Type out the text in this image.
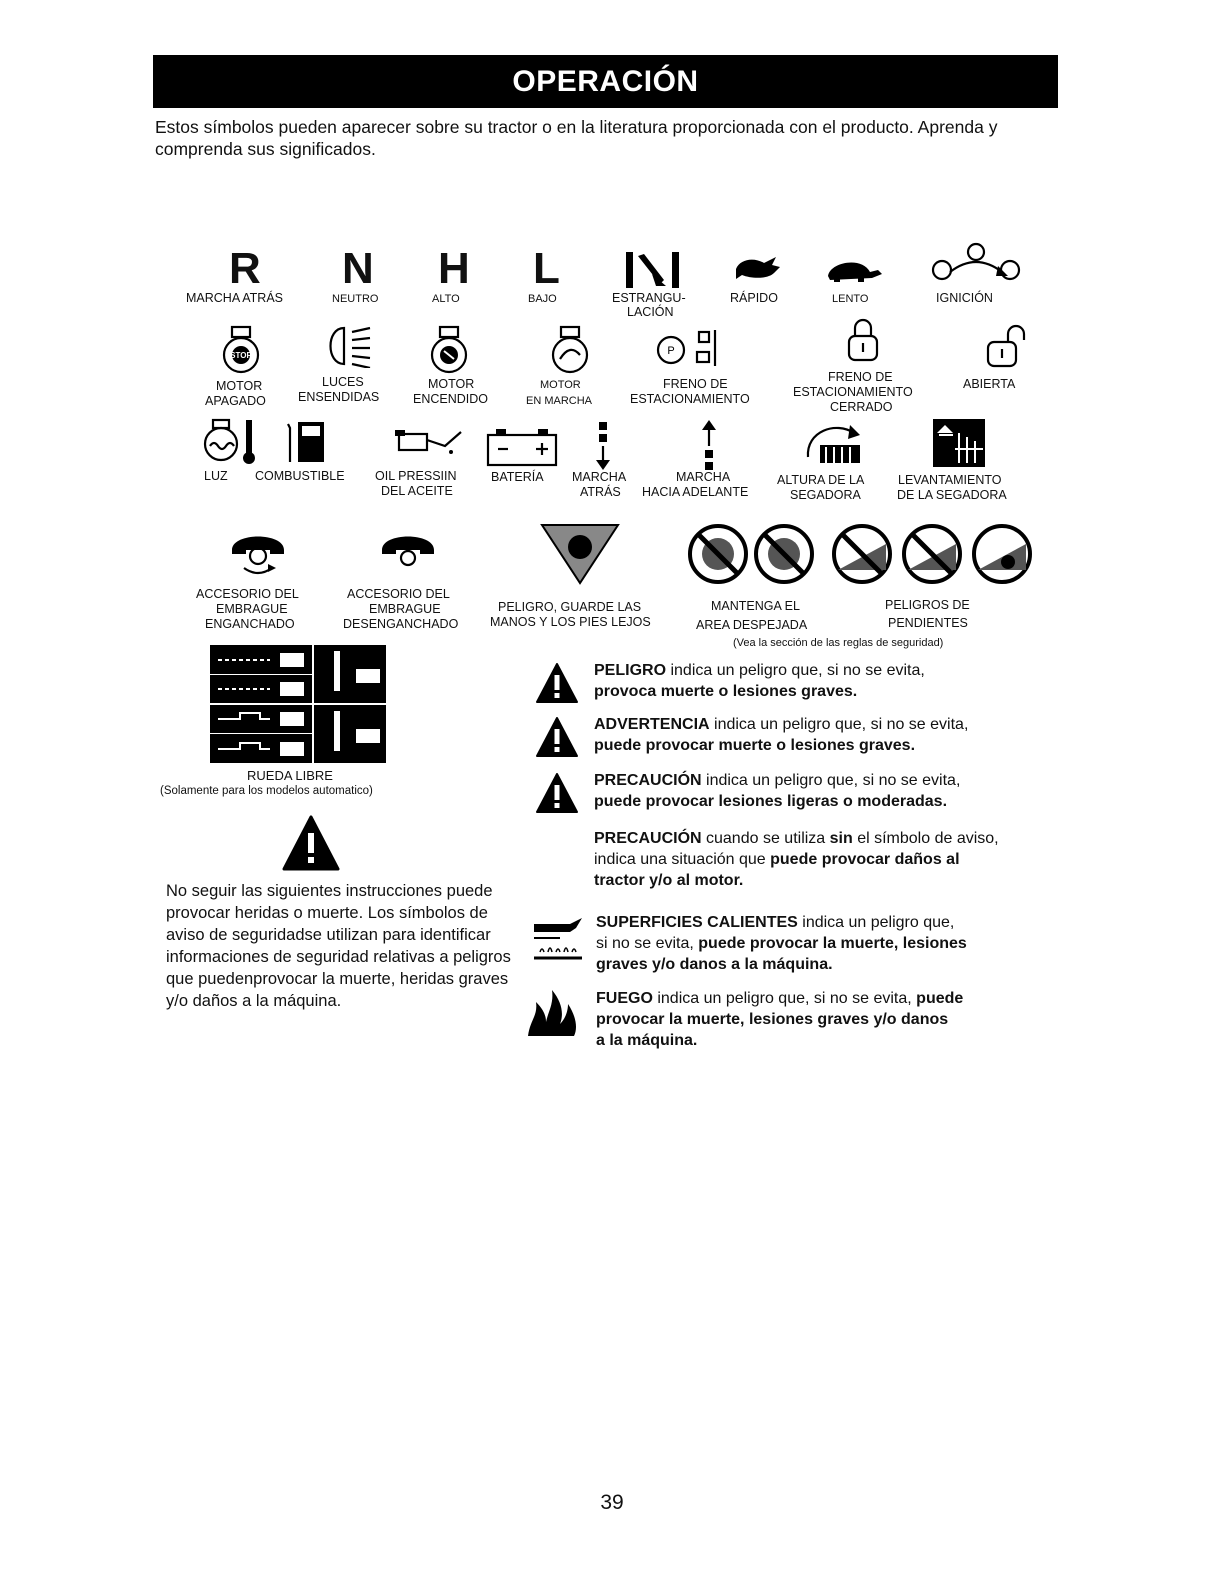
OPERACIÓN
Estos símbolos pueden aparecer sobre su tractor o en la literatura proporcionada con el producto. Aprenda y comprenda sus significados.
R N H L
MARCHA ATRÁS	NEUTRO	ALTO	BAJO	ESTRANGU-
LACIÓN
RÁPIDO	LENTO	IGNICIÓN
STOP	P
MOTOR
APAGADO
LUCES
ENSENDIDAS
MOTOR
ENCENDIDO
MOTOR
EN MARCHA
FRENO DE
ESTACIONAMIENTO
FRENO DE
ESTACIONAMIENTO
CERRADO
ABIERTA
LUZ COMBUSTIBLE OIL PRESSIIN
DEL ACEITE
BATERÍA MARCHA
ATRÁS
MARCHA
HACIA ADELANTE
ALTURA DE LA
SEGADORA
LEVANTAMIENTO
DE LA SEGADORA
ACCESORIO DEL
EMBRAGUE
ENGANCHADO
ACCESORIO DEL
EMBRAGUE
DESENGANCHADO
PELIGRO, GUARDE LAS
MANOS Y LOS PIES LEJOS
MANTENGA EL
AREA DESPEJADA
PELIGROS DE
PENDIENTES
(Vea la sección de las reglas de seguridad)
RUEDA LIBRE
(Solamente para los modelos automatico)
No seguir las siguientes instrucciones puede provocar heridas o muerte. Los símbolos de aviso de seguridadse utilizan para identificar informaciones de seguridad relativas a peligros que puedenprovocar la muerte, heridas graves y/o daños a la máquina.
PELIGRO indica un peligro que, si no se evita,
provoca muerte o lesiones graves.
ADVERTENCIA indica un peligro que, si no se evita,
puede provocar muerte o lesiones graves.
PRECAUCIÓN indica un peligro que, si no se evita,
puede provocar lesiones ligeras o moderadas.
PRECAUCIÓN cuando se utiliza sin el símbolo de aviso,
indica una situación que puede provocar daños al
tractor y/o al motor.
SUPERFICIES CALIENTES indica un peligro que,
si no se evita, puede provocar la muerte, lesiones
graves y/o danos a la máquina.
FUEGO indica un peligro que, si no se evita, puede
provocar la muerte, lesiones graves y/o danos
a la máquina.
39
